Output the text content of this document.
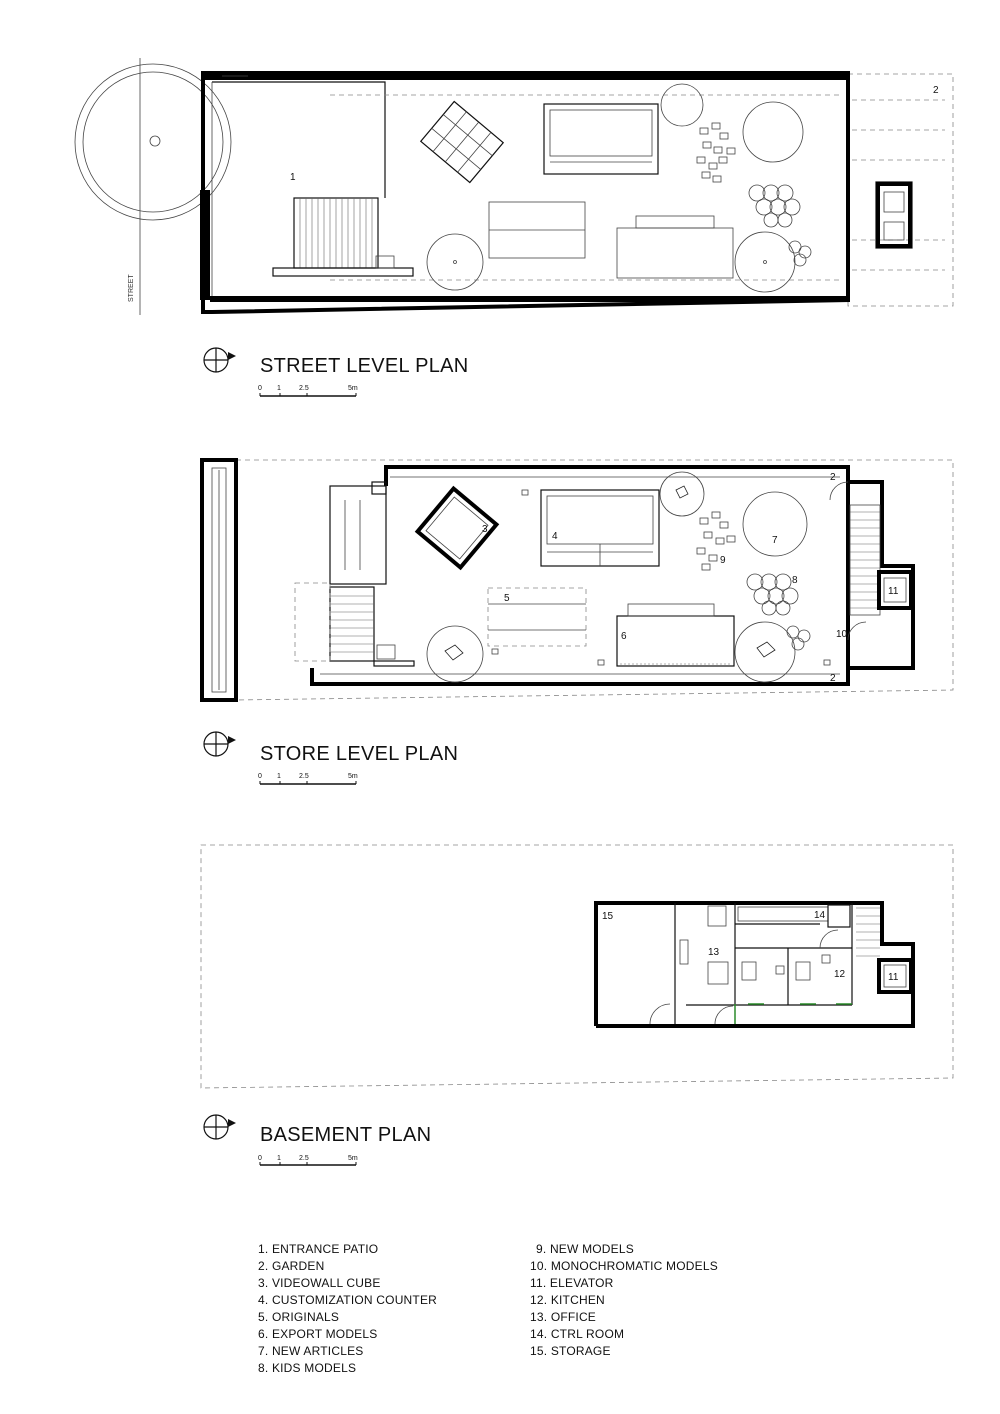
STREET
1
2
STREET LEVEL PLAN
0 1	2.5	5m
2
2
3
4
5
6
7
8
9
10
11
STORE LEVEL PLAN
0 1	2.5	5m
15
13
14
12	11
BASEMENT PLAN
0 1	2.5	5m
1. ENTRANCE PATIO
2. GARDEN
3. VIDEOWALL CUBE
4. CUSTOMIZATION COUNTER
5. ORIGINALS
6. EXPORT MODELS
7. NEW ARTICLES
8. KIDS MODELS
9. NEW MODELS
10. MONOCHROMATIC MODELS
11. ELEVATOR
12. KITCHEN
13. OFFICE
14. CTRL ROOM
15. STORAGE
